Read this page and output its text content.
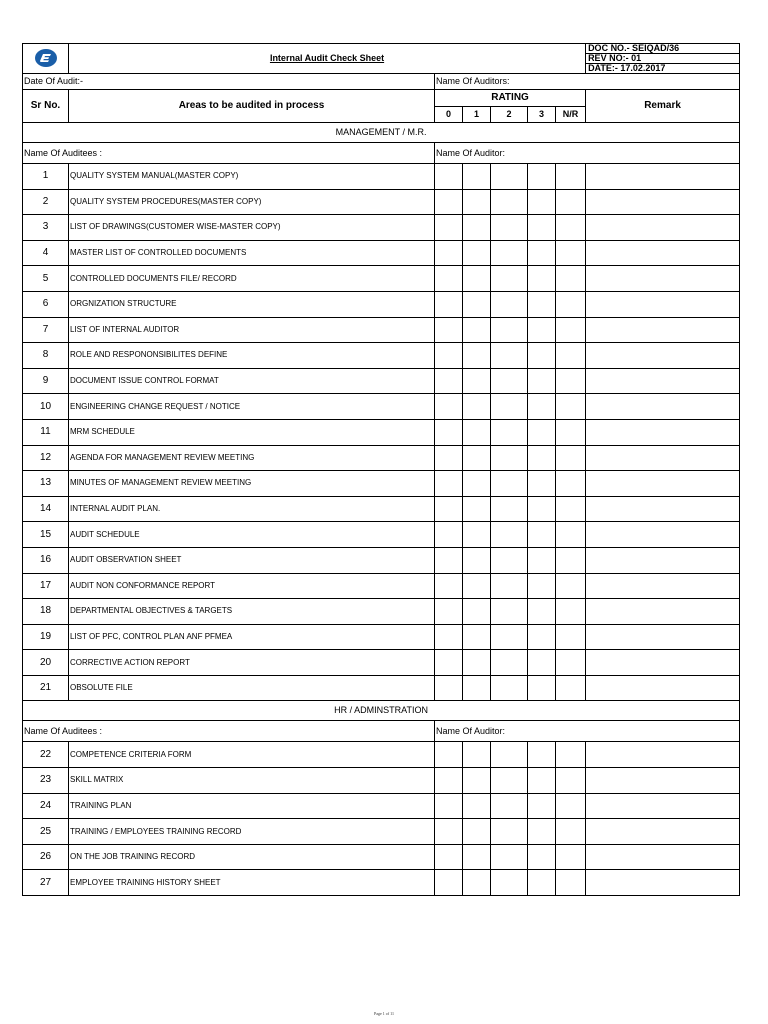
	Internal Audit Check Sheet						DOC NO.- SEIQAD/36
							REV NO:- 01
							DATE:- 17.02.2017
Date Of Audit:-		Name Of Auditors:					
Sr No.	Areas to be audited in process	RATING					Remark
		0	1	2	3	N/R	
MANAGEMENT / M.R.							
Name Of Auditees :		Name Of Auditor:					
1	QUALITY SYSTEM MANUAL(MASTER COPY)						
2	QUALITY SYSTEM PROCEDURES(MASTER COPY)						
3	LIST OF DRAWINGS(CUSTOMER WISE-MASTER COPY)						
4	MASTER LIST OF CONTROLLED DOCUMENTS						
5	CONTROLLED DOCUMENTS FILE/ RECORD						
6	ORGNIZATION STRUCTURE						
7	LIST OF INTERNAL AUDITOR						
8	ROLE AND RESPONONSIBILITES DEFINE						
9	DOCUMENT ISSUE CONTROL FORMAT						
10	ENGINEERING CHANGE REQUEST / NOTICE						
11	MRM SCHEDULE						
12	AGENDA FOR MANAGEMENT REVIEW MEETING						
13	MINUTES OF MANAGEMENT REVIEW MEETING						
14	INTERNAL AUDIT PLAN.						
15	AUDIT SCHEDULE						
16	AUDIT OBSERVATION SHEET						
17	AUDIT NON CONFORMANCE REPORT						
18	DEPARTMENTAL OBJECTIVES & TARGETS						
19	LIST OF PFC, CONTROL PLAN ANF PFMEA						
20	CORRECTIVE ACTION REPORT						
21	OBSOLUTE FILE						
HR / ADMINSTRATION							
Name Of Auditees :		Name Of Auditor:					
22	COMPETENCE CRITERIA FORM						
23	SKILL MATRIX						
24	TRAINING PLAN						
25	TRAINING / EMPLOYEES TRAINING RECORD						
26	ON THE JOB TRAINING RECORD						
27	EMPLOYEE TRAINING HISTORY SHEET						
Page 1 of 11
